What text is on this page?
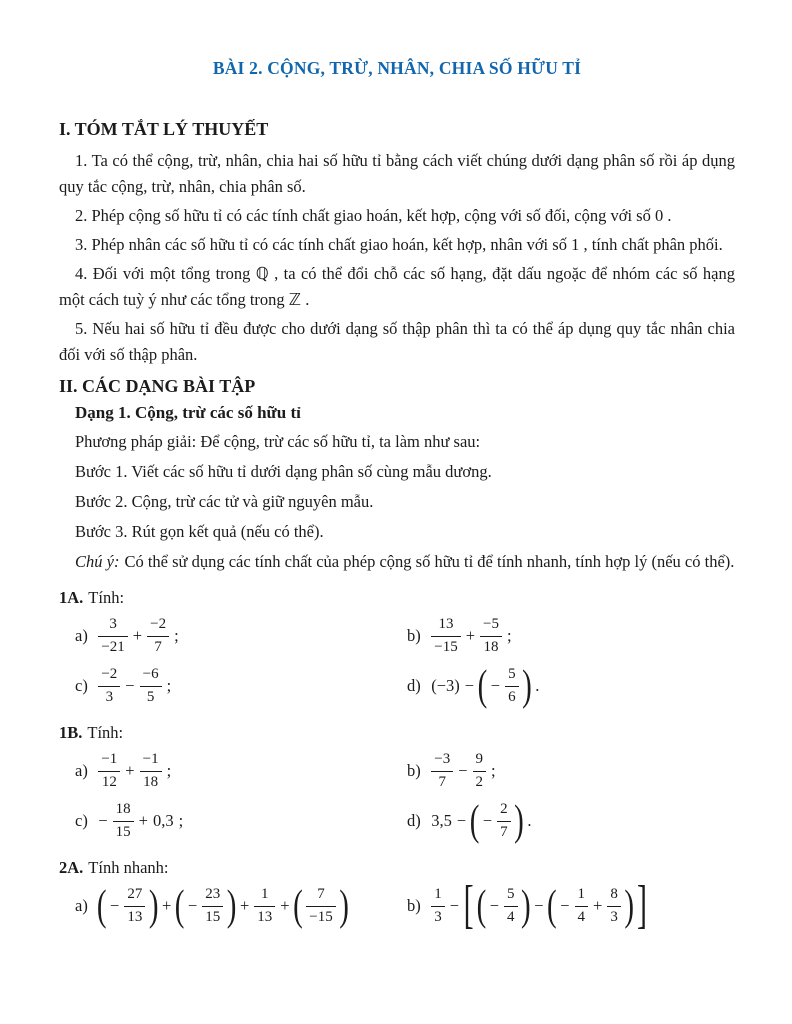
BÀI 2. CỘNG, TRỪ, NHÂN, CHIA SỐ HỮU TỈ
I. TÓM TẮT LÝ THUYẾT

1. Ta có thể cộng, trừ, nhân, chia hai số hữu tỉ bằng cách viết chúng dưới dạng phân số rồi áp dụng quy tắc cộng, trừ, nhân, chia phân số.

2. Phép cộng số hữu tỉ có các tính chất giao hoán, kết hợp, cộng với số đối, cộng với số 0 .

3. Phép nhân các số hữu tỉ có các tính chất giao hoán, kết hợp, nhân với số 1 , tính chất phân phối.

4. Đối với một tổng trong ℚ , ta có thể đổi chỗ các số hạng, đặt dấu ngoặc để nhóm các số hạng một cách tuỳ ý như các tổng trong ℤ .

5. Nếu hai số hữu tỉ đều được cho dưới dạng số thập phân thì ta có thể áp dụng quy tắc nhân chia đối với số thập phân.

II. CÁC DẠNG BÀI TẬP
Dạng 1. Cộng, trừ các số hữu tỉ

Phương pháp giải: Để cộng, trừ các số hữu tỉ, ta làm như sau:

Bước 1. Viết các số hữu tỉ dưới dạng phân số cùng mẫu dương.

Bước 2. Cộng, trừ các tử và giữ nguyên mẫu.

Bước 3. Rút gọn kết quả (nếu có thể).

Chú ý: Có thể sử dụng các tính chất của phép cộng số hữu tỉ để tính nhanh, tính hợp lý (nếu có thể).

1A. Tính:

$a) \frac{3}{-21} + \frac{-2}{7}$ ;	$b) \frac{13}{-15} + \frac{-5}{18}$ ;
$c) \frac{-2}{3} - \frac{-6}{5}$ ;	d) (−3) − ( − $\frac{5}{6}$ ) .

1B. Tính:

$a) \frac{-1}{12} + \frac{-1}{18}$ ;	$b) \frac{-3}{7} - \frac{9}{2}$ ;
$c) - \frac{18}{15} + 0,3$ ;	d) 3,5 − ( − $\frac{2}{7}$ ) .

2A. Tính nhanh:

a) ( − $\frac{27}{13}$ ) + ( − $\frac{23}{15}$ ) + $\frac{1}{13}$ + ( $\frac{7}{-15}$ )	$b) \frac{1}{3}$ − [ ( − $\frac{5}{4}$ ) − ( − $\frac{1}{4} + \frac{8}{3}$ ) ]
